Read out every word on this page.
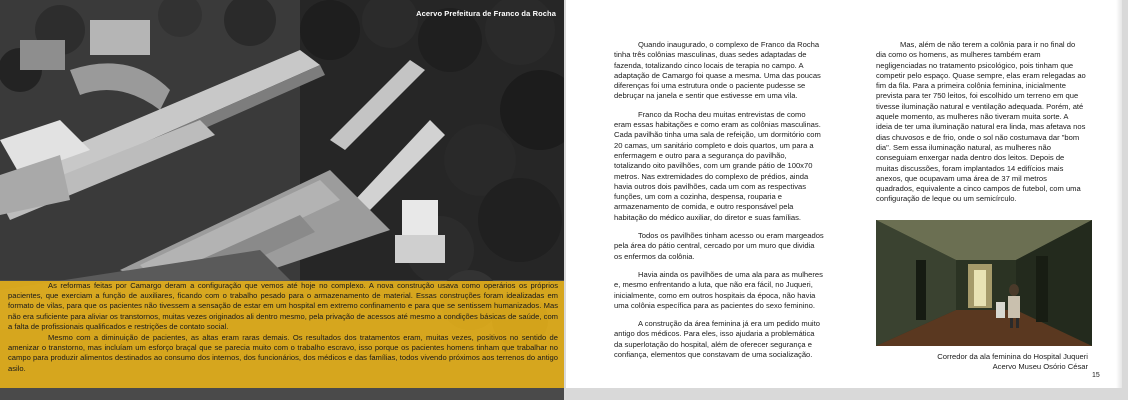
Acervo Prefeitura de Franco da Rocha

As reformas feitas por Camargo deram a configuração que vemos até hoje no complexo. A nova construção usava como operários os próprios pacientes, que exerciam a função de auxiliares, ficando com o trabalho pesado para o armazenamento de material. Essas construções foram idealizadas em formato de vilas, para que os pacientes não tivessem a sensação de estar em um hospital em extremo confinamento e para que se sentissem humanizados. Mas não era suficiente para aliviar os transtornos, muitas vezes originados ali dentro mesmo, pela privação de acessos até mesmo a condições básicas de saúde, com a falta de profissionais qualificados e restrições de contato social.

Mesmo com a diminuição de pacientes, as altas eram raras demais. Os resultados dos tratamentos eram, muitas vezes, positivos no sentido de amenizar o transtorno, mas incluíam um esforço braçal que se parecia muito com o trabalho escravo, isso porque os pacientes homens tinham que trabalhar no campo para produzir alimentos destinados ao consumo dos internos, dos funcionários, dos médicos e das famílias, todos vivendo próximos aos terrenos do antigo asilo.

Quando inaugurado, o complexo de Franco da Rocha tinha três colônias masculinas, duas sedes adaptadas de fazenda, totalizando cinco locais de terapia no campo. A adaptação de Camargo foi quase a mesma. Uma das poucas diferenças foi uma estrutura onde o paciente pudesse se debruçar na janela e sentir que estivesse em uma vila.

Franco da Rocha deu muitas entrevistas de como eram essas habitações e como eram as colônias masculinas. Cada pavilhão tinha uma sala de refeição, um dormitório com 20 camas, um sanitário completo e dois quartos, um para a enfermagem e outro para a segurança do pavilhão, totalizando oito pavilhões, com um grande pátio de 100x70 metros. Nas extremidades do complexo de prédios, ainda havia outros dois pavilhões, cada um com as respectivas funções, um com a cozinha, despensa, rouparia e armazenamento de comida, e outro responsável pela habitação do médico auxiliar, do diretor e suas famílias.

Todos os pavilhões tinham acesso ou eram margeados pela área do pátio central, cercado por um muro que dividia os enfermos da colônia.

Havia ainda os pavilhões de uma ala para as mulheres e, mesmo enfrentando a luta, que não era fácil, no Juqueri, inicialmente, como em outros hospitais da época, não havia uma colônia específica para as pacientes do sexo feminino.

A construção da área feminina já era um pedido muito antigo dos médicos. Para eles, isso ajudaria a problemática da superlotação do hospital, além de oferecer segurança e confiança, elementos que constavam de uma socialização.

Mas, além de não terem a colônia para ir no final do dia como os homens, as mulheres também eram negligenciadas no tratamento psicológico, pois tinham que competir pelo espaço. Quase sempre, elas eram relegadas ao fim da fila. Para a primeira colônia feminina, inicialmente prevista para ter 750 leitos, foi escolhido um terreno em que tivesse iluminação natural e ventilação adequada. Porém, até aquele momento, as mulheres não tiveram muita sorte. A ideia de ter uma iluminação natural era linda, mas afetava nos dias chuvosos e de frio, onde o sol não costumava dar "bom dia". Sem essa iluminação natural, as mulheres não conseguiam enxergar nada dentro dos leitos. Depois de muitas discussões, foram implantados 14 edifícios mais anexos, que ocupavam uma área de 37 mil metros quadrados, equivalente a cinco campos de futebol, com uma configuração de leque ou um semicírculo.

Corredor da ala feminina do Hospital Juqueri
Acervo Museu Osório César
15
